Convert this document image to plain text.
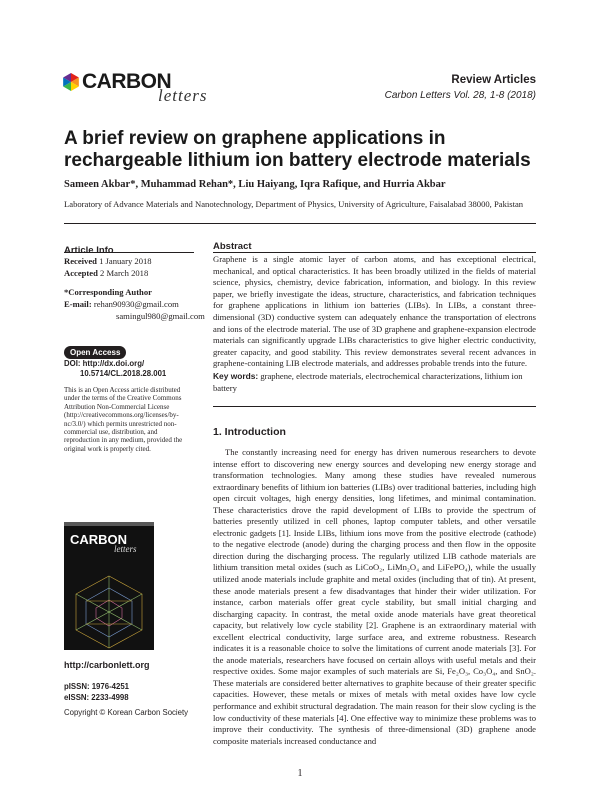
CARBON
letters
Review Articles
Carbon Letters Vol. 28, 1-8 (2018)
A brief review on graphene applications in rechargeable lithium ion battery electrode materials
Sameen Akbar*, Muhammad Rehan*, Liu Haiyang, Iqra Rafique, and Hurria Akbar
Laboratory of Advance Materials and Nanotechnology, Department of Physics, University of Agriculture, Faisalabad 38000, Pakistan
Article Info
Received 1 January 2018
Accepted 2 March 2018
*Corresponding Author
E-mail: rehan90930@gmail.com
samingul980@gmail.com
Open Access
DOI: http://dx.doi.org/
10.5714/CL.2018.28.001
This is an Open Access article distributed under the terms of the Creative Commons Attribution Non-Commercial License (http://creativecommons.org/licenses/by-nc/3.0/) which permits unrestricted non-commercial use, distribution, and reproduction in any medium, provided the original work is properly cited.
CARBON
letters
http://carbonlett.org
pISSN: 1976-4251
eISSN: 2233-4998
Copyright © Korean Carbon Society
Abstract
Graphene is a single atomic layer of carbon atoms, and has exceptional electrical, mechanical, and optical characteristics. It has been broadly utilized in the fields of material science, physics, chemistry, device fabrication, information, and biology. In this review paper, we briefly investigate the ideas, structure, characteristics, and fabrication techniques for graphene applications in lithium ion batteries (LIBs). In LIBs, a constant three-dimensional (3D) conductive system can adequately enhance the transportation of electrons and ions of the electrode material. The use of 3D graphene and graphene-expansion electrode materials can significantly upgrade LIBs characteristics to give higher electric conductivity, greater capacity, and good stability. This review demonstrates several recent advances in graphene-containing LIB electrode materials, and addresses probable trends into the future.
Key words: graphene, electrode materials, electrochemical characterizations, lithium ion battery
1. Introduction

The constantly increasing need for energy has driven numerous researchers to devote intense effort to discovering new energy sources and developing new energy storage and transformation technologies. Many among these studies have revealed numerous extraordinary benefits of lithium ion batteries (LIBs) over traditional batteries, including high open circuit voltages, high energy densities, long lifetimes, and minimal contamination. These characteristics drove the rapid development of LIBs to provide the spectrum of batteries presently utilized in cell phones, laptop computer tablets, and other versatile electronic gadgets [1]. Inside LIBs, lithium ions move from the positive electrode (cathode) to the negative electrode (anode) during the charging process and then flow in the opposite direction during the discharging process. The regularly utilized LIB cathode materials are lithium transition metal oxides (such as LiCoO₂, LiMn₂O₄ and LiFePO₄), while the usually utilized anode materials include graphite and metal oxides (including that of tin). At present, these anode materials present a few disadvantages that hinder their wider utilization. For instance, carbon materials offer great cycle stability, but small initial charging and discharging capacity. In contrast, the metal oxide anode materials have great theoretical capacity, but relatively low cycle stability [2]. Graphene is an extraordinary material with excellent electrical conductivity, large surface area, and extreme robustness. Research indicates it is a reasonable choice to solve the limitations of current anode materials [3]. For the anode materials, researchers have focused on certain alloys with useful metals and their respective oxides. Some major examples of such materials are Si, Fe₂O₃, Co₃O₄, and SnO₂. These materials are considered better alternatives to graphite because of their greater specific capacities. However, these metals or mixes of metals with metal oxides have low cycle performance and exhibit structural degradation. The main reason for their slow cycling is the low conductivity of these materials [4]. One effective way to minimize these problems was to improve their conductivity. The synthesis of three-dimensional (3D) graphene anode composite materials increased conductance and

1
